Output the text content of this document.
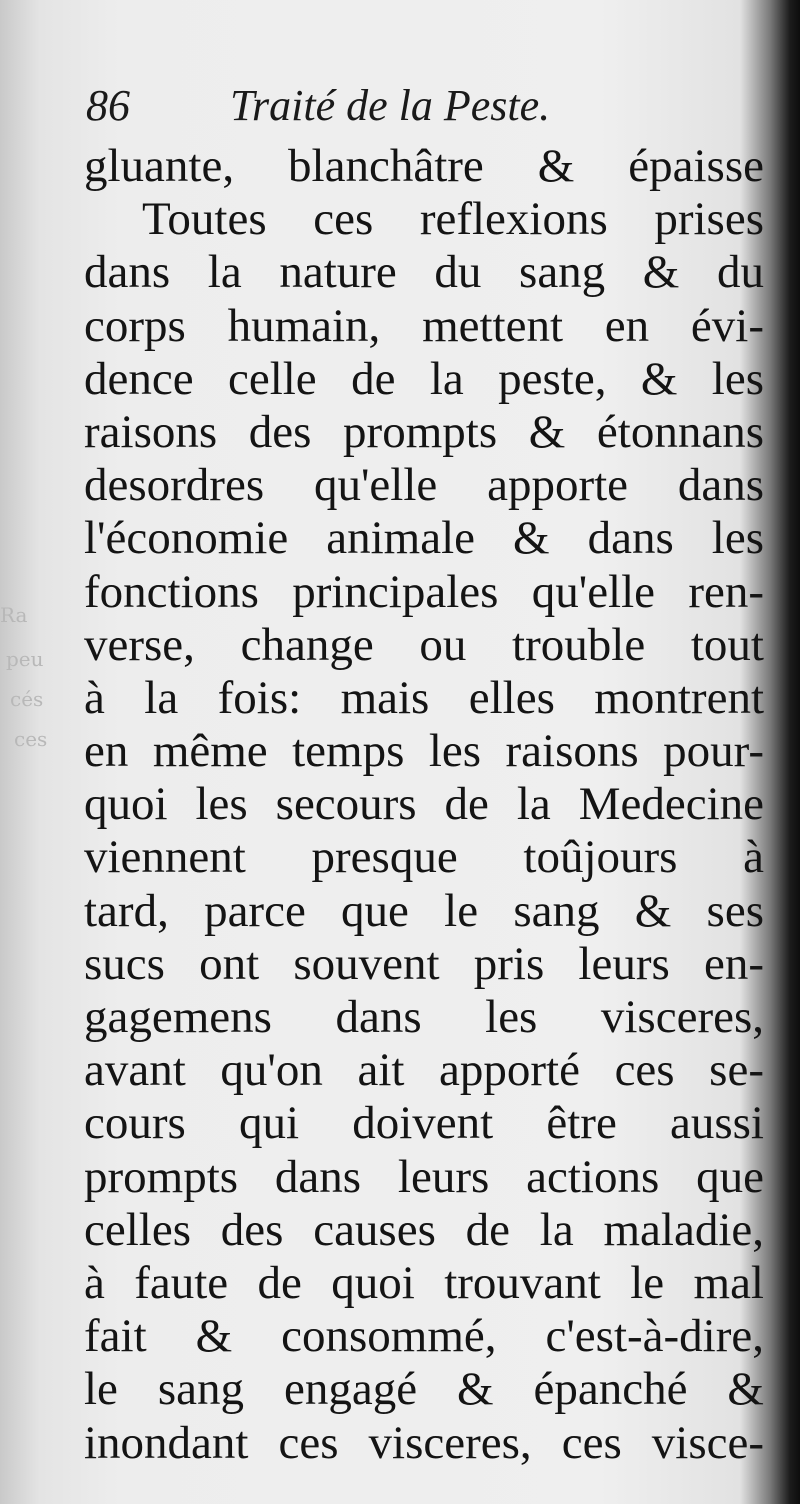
Ra
peu
cés
ces
86 Traité de la Peste.
gluante, blanchâtre & épaisse
Toutes ces reflexions prises
dans la nature du sang & du
corps humain, mettent en évi-
dence celle de la peste, & les
raisons des prompts & étonnans
desordres qu'elle apporte dans
l'économie animale & dans les
fonctions principales qu'elle ren-
verse, change ou trouble tout
à la fois: mais elles montrent
en même temps les raisons pour-
quoi les secours de la Medecine
viennent presque toûjours à
tard, parce que le sang & ses
sucs ont souvent pris leurs en-
gagemens dans les visceres,
avant qu'on ait apporté ces se-
cours qui doivent être aussi
prompts dans leurs actions que
celles des causes de la maladie,
à faute de quoi trouvant le mal
fait & consommé, c'est-à-dire,
le sang engagé & épanché &
inondant ces visceres, ces visce-
